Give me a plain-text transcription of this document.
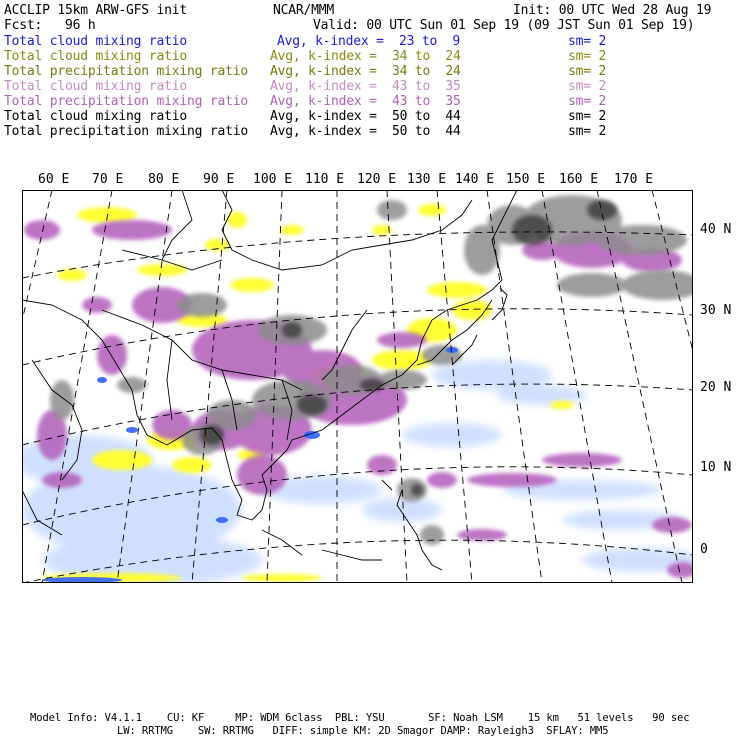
ACCLIP 15km ARW-GFS init	NCAR/MMM	Init: 00 UTC Wed 28 Aug 19
Fcst:   96 h	Valid: 00 UTC Sun 01 Sep 19 (09 JST Sun 01 Sep 19)
Total cloud mixing ratio	Avg, k-index =  23 to  9	sm= 2
Total cloud mixing ratio	Avg, k-index =  34 to  24	sm= 2
Total precipitation mixing ratio Avg, k-index =  34 to  24	sm= 2
Total cloud mixing ratio	Avg, k-index =  43 to  35	sm= 2
Total precipitation mixing ratio Avg, k-index =  43 to  35	sm= 2
Total cloud mixing ratio	Avg, k-index =  50 to  44	sm= 2
Total precipitation mixing ratio Avg, k-index =  50 to  44	sm= 2
60 E 70 E 80 E 90 E 100 E 110 E 120 E 130 E 140 E 150 E 160 E 170 E
40 N
30 N
20 N
10 N
0
Model Info: V4.1.1    CU: KF     MP: WDM 6class  PBL: YSU       SF: Noah LSM    15 km   51 levels   90 sec
LW: RRTMG    SW: RRTMG   DIFF: simple KM: 2D Smagor DAMP: Rayleigh3  SFLAY: MM5
